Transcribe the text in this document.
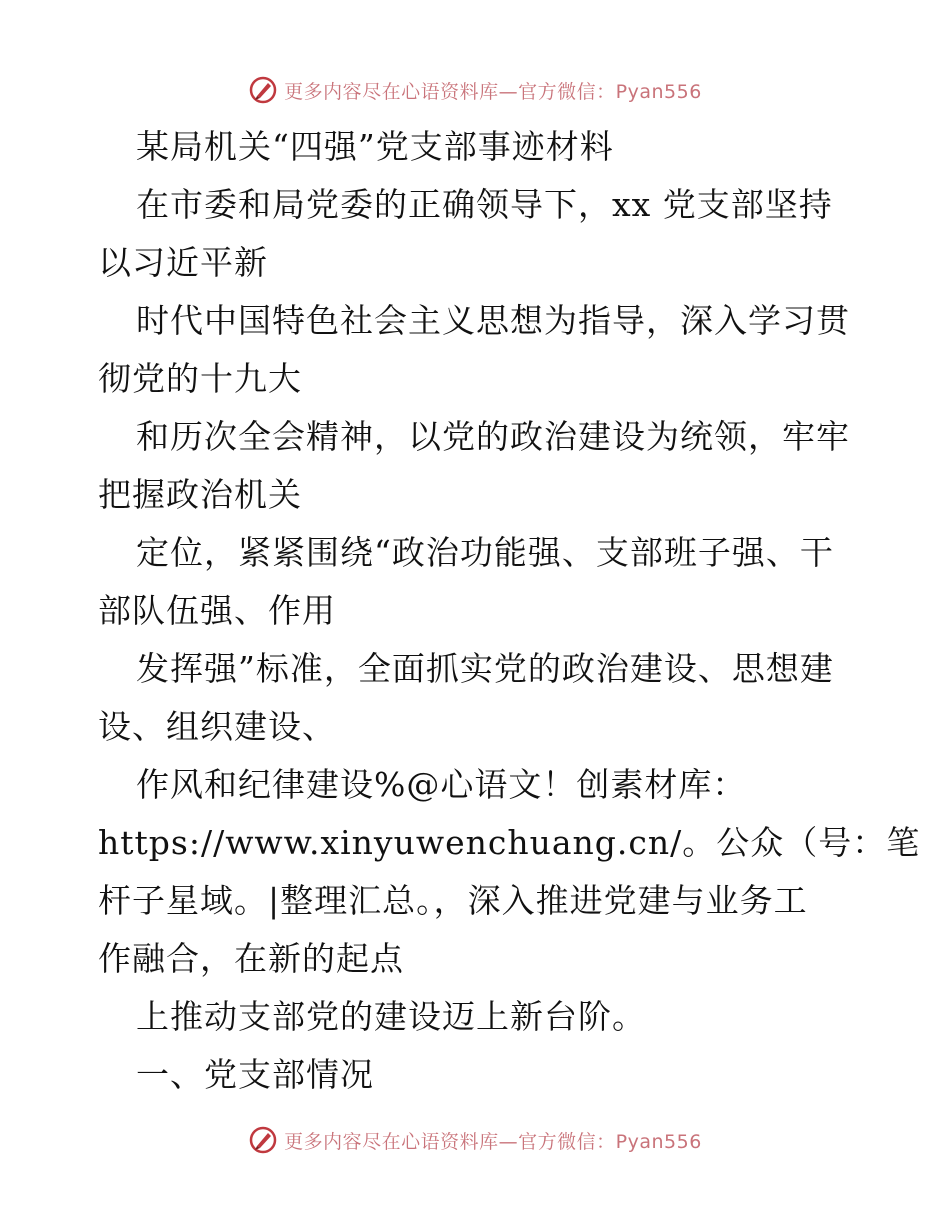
更多内容尽在心语资料库—官方微信：Pyan556
某局机关“四强”党支部事迹材料
在市委和局党委的正确领导下，xx 党支部坚持
以习近平新
时代中国特色社会主义思想为指导，深入学习贯
彻党的十九大
和历次全会精神，以党的政治建设为统领，牢牢
把握政治机关
定位，紧紧围绕“政治功能强、支部班子强、干
部队伍强、作用
发挥强”标准，全面抓实党的政治建设、思想建
设、组织建设、
作风和纪律建设%@心语文！创素材库：
https://www.xinyuwenchuang.cn/。公众（号：笔
杆子星域。|整理汇总。，深入推进党建与业务工
作融合，在新的起点
上推动支部党的建设迈上新台阶。
一、党支部情况
更多内容尽在心语资料库—官方微信：Pyan556
